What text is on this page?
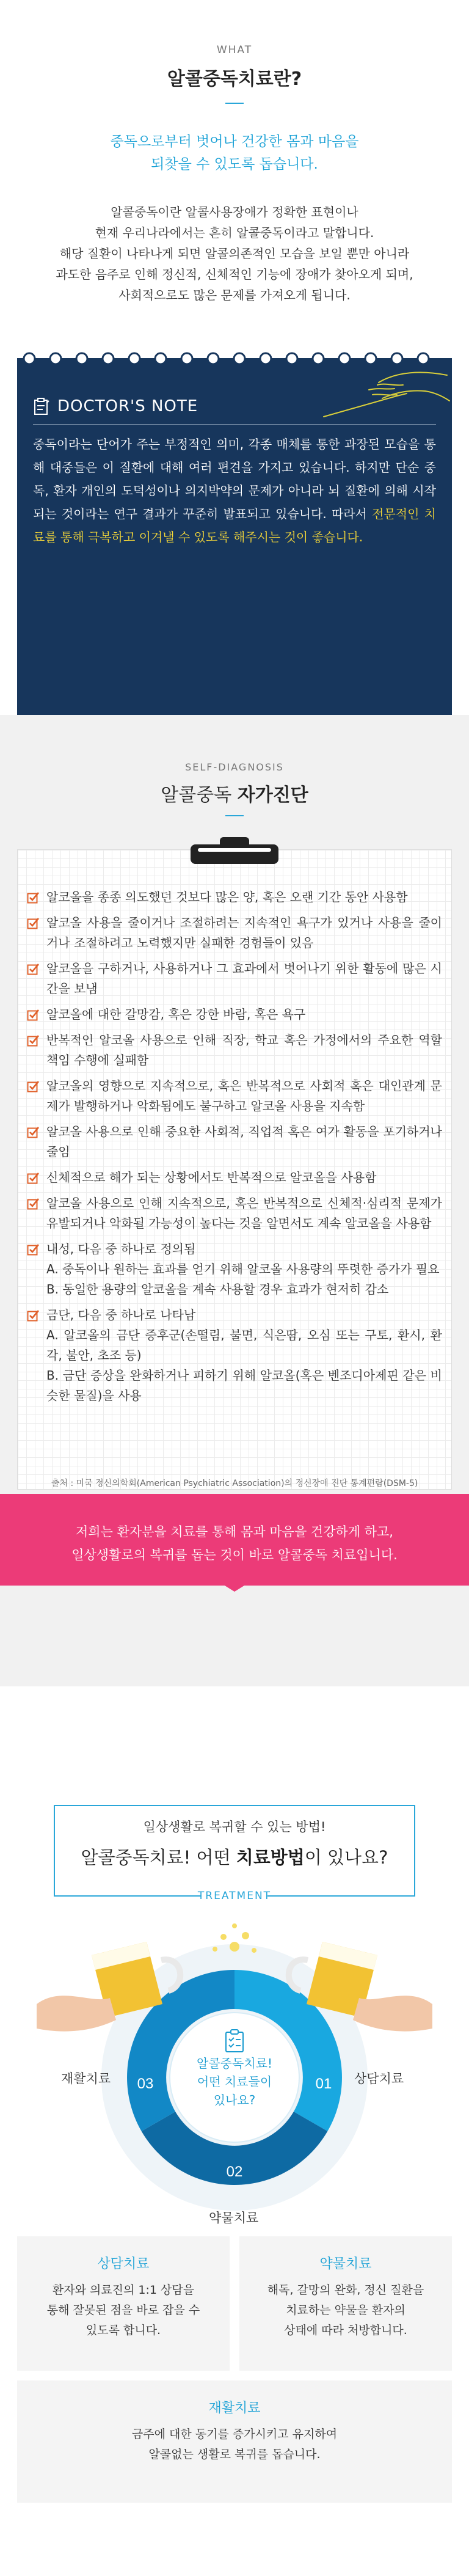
WHAT
알콜중독치료란?
중독으로부터 벗어나 건강한 몸과 마음을
되찾을 수 있도록 돕습니다.
알콜중독이란 알콜사용장애가 정확한 표현이나
현재 우리나라에서는 흔히 알콜중독이라고 말합니다.
해당 질환이 나타나게 되면 알콜의존적인 모습을 보일 뿐만 아니라
과도한 음주로 인해 정신적, 신체적인 기능에 장애가 찾아오게 되며,
사회적으로도 많은 문제를 가져오게 됩니다.
DOCTOR'S NOTE

중독이라는 단어가 주는 부정적인 의미, 각종 매체를 통한 과장된 모습을 통해 대중들은 이 질환에 대해 여러 편견을 가지고 있습니다. 하지만 단순 중독, 환자 개인의 도덕성이나 의지박약의 문제가 아니라 뇌 질환에 의해 시작되는 것이라는 연구 결과가 꾸준히 발표되고 있습니다. 따라서 전문적인 치료를 통해 극복하고 이겨낼 수 있도록 해주시는 것이 좋습니다.

SELF-DIAGNOSIS
알콜중독 자가진단
알코올을 종종 의도했던 것보다 많은 양, 혹은 오랜 기간 동안 사용함
알코올 사용을 줄이거나 조절하려는 지속적인 욕구가 있거나 사용을 줄이거나 조절하려고 노력했지만 실패한 경험들이 있음
알코올을 구하거나, 사용하거나 그 효과에서 벗어나기 위한 활동에 많은 시간을 보냄
알코올에 대한 갈망감, 혹은 강한 바람, 혹은 욕구
반복적인 알코올 사용으로 인해 직장, 학교 혹은 가정에서의 주요한 역할 책임 수행에 실패함
알코올의 영향으로 지속적으로, 혹은 반복적으로 사회적 혹은 대인관계 문제가 발행하거나 악화됨에도 불구하고 알코올 사용을 지속함
알코올 사용으로 인해 중요한 사회적, 직업적 혹은 여가 활동을 포기하거나 줄임
신체적으로 해가 되는 상황에서도 반복적으로 알코올을 사용함
알코올 사용으로 인해 지속적으로, 혹은 반복적으로 신체적·심리적 문제가 유발되거나 악화될 가능성이 높다는 것을 알면서도 계속 알코올을 사용함
내성, 다음 중 하나로 정의됨
A. 중독이나 원하는 효과를 얻기 위해 알코올 사용량의 뚜렷한 증가가 필요
B. 동일한 용량의 알코올을 계속 사용할 경우 효과가 현저히 감소
금단, 다음 중 하나로 나타남
A. 알코올의 금단 증후군(손떨림, 불면, 식은땀, 오심 또는 구토, 환시, 환각, 불안, 초조 등)
B. 금단 증상을 완화하거나 피하기 위해 알코올(혹은 벤조디아제핀 같은 비슷한 물질)을 사용
출처 : 미국 정신의학회(American Psychiatric Association)의 정신장애 진단 통계편람(DSM-5)
저희는 환자분을 치료를 통해 몸과 마음을 건강하게 하고,
일상생활로의 복귀를 돕는 것이 바로 알콜중독 치료입니다.
일상생활로 복귀할 수 있는 방법!
알콜중독치료! 어떤 치료방법이 있나요?
TREATMENT
01
02
03	상담치료
약물치료
재활치료
알콜중독치료!
어떤 치료들이
있나요?
상담치료
환자와 의료진의 1:1 상담을
통해 잘못된 점을 바로 잡을 수
있도록 합니다.
약물치료
해독, 갈망의 완화, 정신 질환을
치료하는 약물을 환자의
상태에 따라 처방합니다.
재활치료
금주에 대한 동기를 증가시키고 유지하여
알콜없는 생활로 복귀를 돕습니다.
